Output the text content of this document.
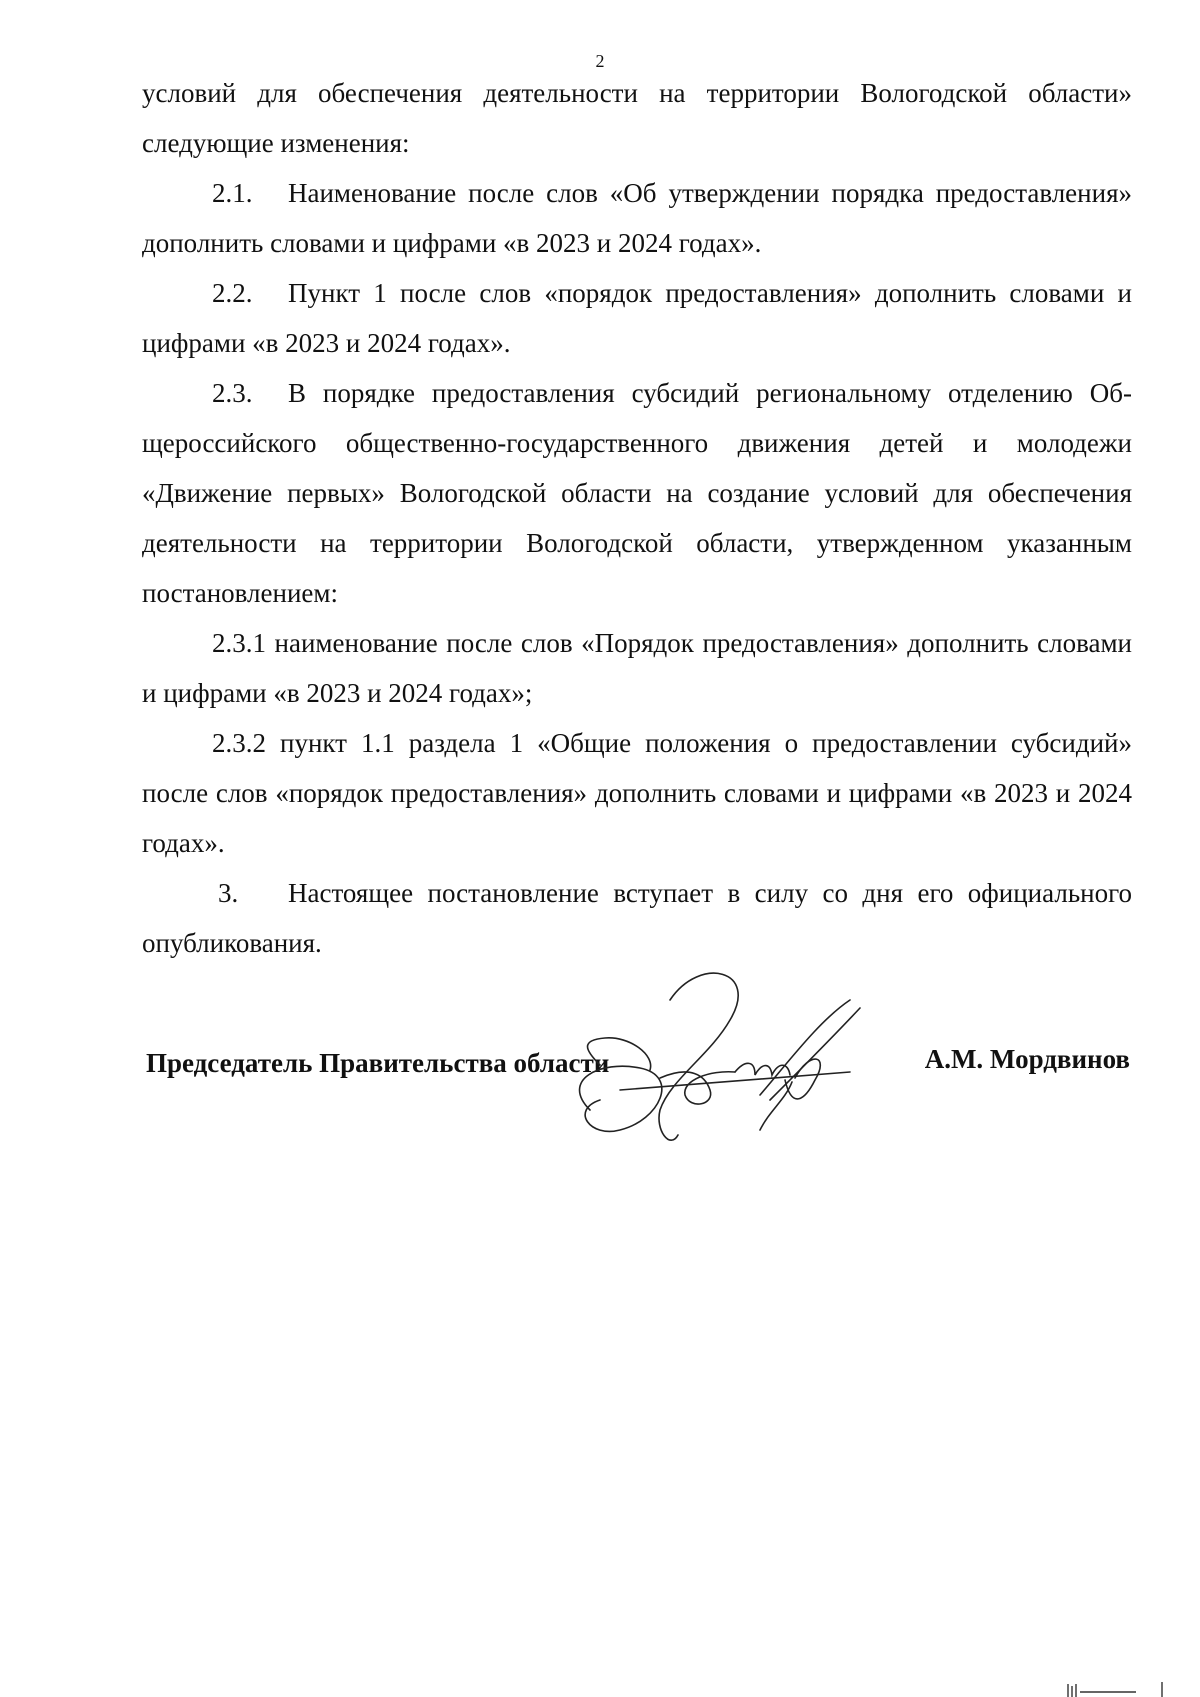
2

условий для обеспечения деятельности на территории Вологодской области» следующие изменения:

2.1. Наименование после слов «Об утверждении порядка предоставления» дополнить словами и цифрами «в 2023 и 2024 годах».

2.2. Пункт 1 после слов «порядок предоставления» дополнить словами и цифрами «в 2023 и 2024 годах».

2.3. В порядке предоставления субсидий региональному отделению Общероссийского общественно-государственного движения детей и молодежи «Движение первых» Вологодской области на создание условий для обеспечения деятельности на территории Вологодской области, утвержденном указанным постановлением:

2.3.1 наименование после слов «Порядок предоставления» дополнить словами и цифрами «в 2023 и 2024 годах»;

2.3.2 пункт 1.1 раздела 1 «Общие положения о предоставлении субсидий» после слов «порядок предоставления» дополнить словами и цифрами «в 2023 и 2024 годах».

3. Настоящее постановление вступает в силу со дня его официального опубликования.

Председатель Правительства области	А.М. Мордвинов
